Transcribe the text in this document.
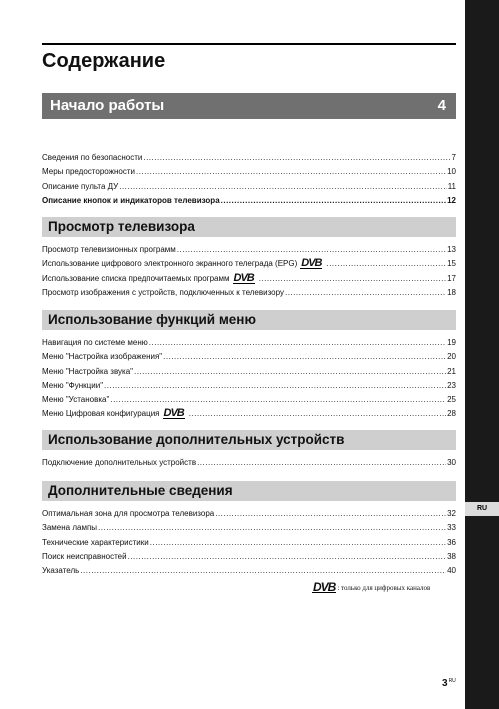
RU
Содержание
Начало работы	4
Сведения по безопасности .....	7
Меры предосторожности .....	10
Описание пульта ДУ .....	11
Описание кнопок и индикаторов телевизора .....	12
Просмотр телевизора
Просмотр телевизионных программ .....	13
Использование цифрового электронного экранного телеграда (EPG) DVB .....	15
Использование списка предпочитаемых программ DVB .....	17
Просмотр изображения с устройств, подключенных к телевизору .....	18
Использование функций меню
Навигация по системе меню .....	19
Меню "Настройка изображения" .....	20
Меню "Настройка звука" .....	21
Меню "Функции" .....	23
Меню "Установка" .....	25
Меню Цифровая конфигурация DVB .....	28
Использование дополнительных устройств
Подключение дополнительных устройств .....	30
Дополнительные сведения
Оптимальная зона для просмотра телевизора .....	32
Замена лампы .....	33
Технические характеристики .....	36
Поиск неисправностей .....	38
Указатель .....	40
DVB : только для цифровых каналов
$3^{RU}$
